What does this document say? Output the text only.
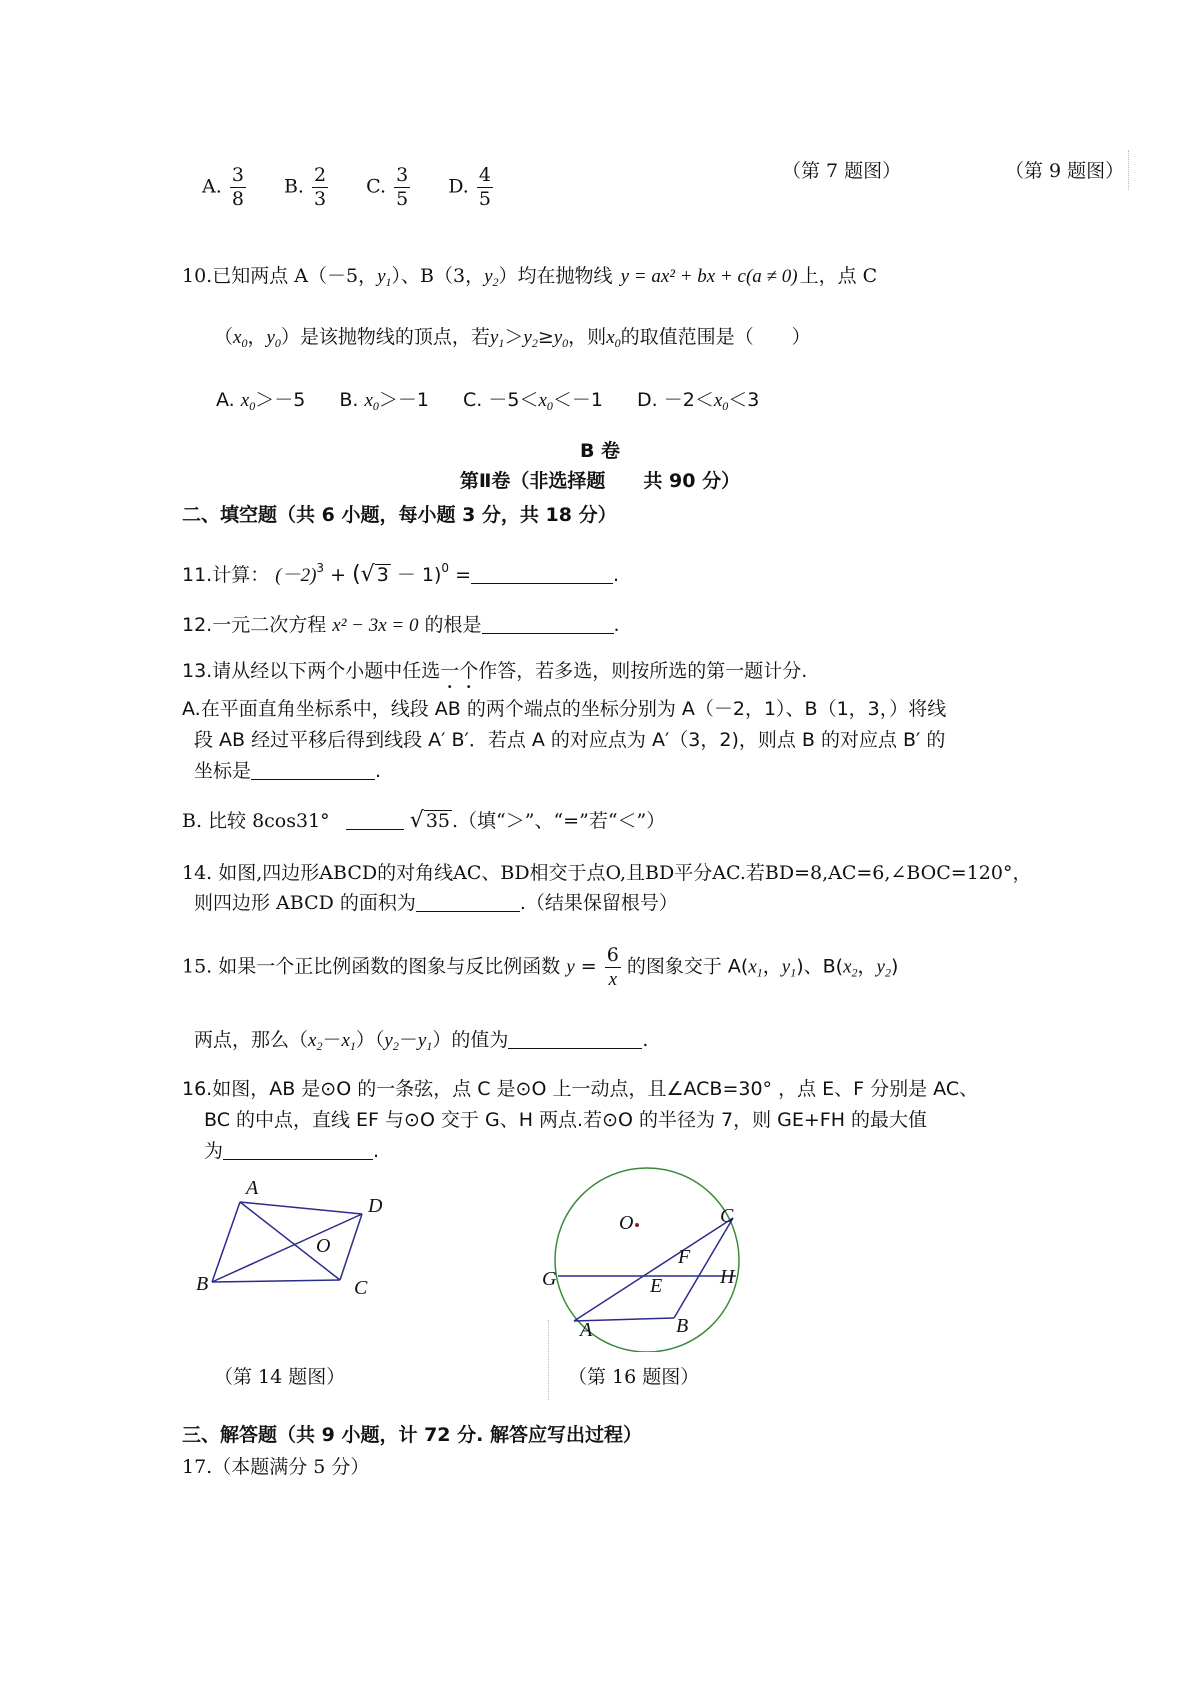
（第 7 题图）	（第 9 题图）
A. $\frac{3}{8} B$. $\frac{2}{3} C$. $\frac{3}{5} D$. $\frac{4}{5}$
10.已知两点 A（－5，$y_1$）、B（3，$y_2$）均在抛物线 y = ax² + bx + c(a ≠ 0) 上，点 C
（$x_0$，$y_0$）是该抛物线的顶点，若$y_1>y_2\ge y_0$，则$x_0$的取值范围是（　　）
A. $x_0>-5$ B. $x_0>-1$ C. $-5<x_0<-1$ D. $-2<x_0<3$
B 卷
第Ⅱ卷（非选择题　　共 90 分）
二、填空题（共 6 小题，每小题 3 分，共 18 分）
11.计算： $(-2)^3$ + (√ 3 － 1)$^0$ =	.
12.一元二次方程 x² − 3x = 0 的根是	.
13.请从经以下两个小题中任选一个作答，若多选，则按所选的第一题计分.
A.在平面直角坐标系中，线段 AB 的两个端点的坐标分别为 A（－2，1）、B（1，3，）将线
段 AB 经过平移后得到线段 A′ B′．若点 A 的对应点为 A′（3，2)，则点 B 的对应点 B′ 的
坐标是	.
B. 比较 8cos31°	√ 35 .（填“＞”、“=”若“＜”）
14. 如图,四边形ABCD的对角线AC、BD相交于点O,且BD平分AC.若BD=8,AC=6,∠BOC=120°，
则四边形 ABCD 的面积为	.（结果保留根号）
15. 如果一个正比例函数的图象与反比例函数 $y = \frac{6}{x}$ 的图象交于 $A(x_1$，$y_1$)、$B(x_2$，$y_2$)
两点，那么$(x_2-x_1)(y_2-y_1)$的值为	.
16.如图，AB 是⊙O 的一条弦，点 C 是⊙O 上一动点，且∠ACB=30° ，点 E、F 分别是 AC、
BC 的中点，直线 EF 与⊙O 交于 G、H 两点.若⊙O 的半径为 7，则 GE+FH 的最大值
为	.
A
D
O
B	C
（第 14 题图）
O	C
F
G	H
E
A	B
（第 16 题图）
三、解答题（共 9 小题，计 72 分. 解答应写出过程）
17.（本题满分 5 分）
